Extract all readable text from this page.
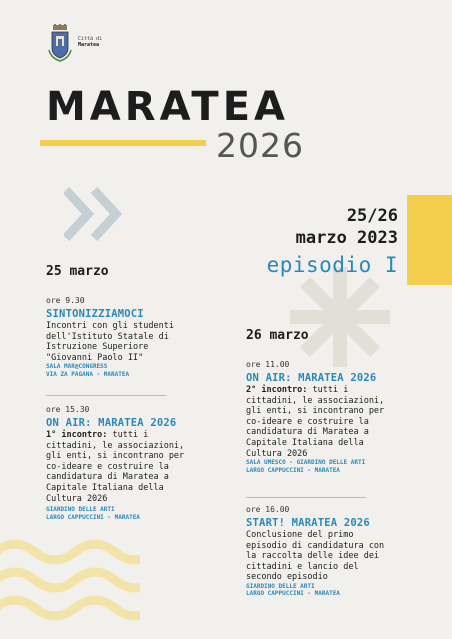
Città di
Maratea
MARATEA
2026
25/26
marzo 2023
episodio I
25 marzo
ore 9.30
SINTONIZZIAMOCI
Incontri con gli studenti
dell'Istituto Statale di
Istruzione Superiore
"Giovanni Paolo II"
SALA MAR@CONGRESS
VIA ZA PAGANA - MARATEA
ore 15.30
ON AIR: MARATEA 2026
1° incontro: tutti i
cittadini, le associazioni,
gli enti, si incontrano per
co-ideare e costruire la
candidatura di Maratea a
Capitale Italiana della
Cultura 2026
GIARDINO DELLE ARTI
LARGO CAPPUCCINI - MARATEA
26 marzo
ore 11.00
ON AIR: MARATEA 2026
2° incontro: tutti i
cittadini, le associazioni,
gli enti, si incontrano per
co-ideare e costruire la
candidatura di Maratea a
Capitale Italiana della
Cultura 2026
SALA UMESCO - GIARDINO DELLE ARTI
LARGO CAPPUCCINI - MARATEA
ore 16.00
START! MARATEA 2026
Conclusione del primo
episodio di candidatura con
la raccolta delle idee dei
cittadini e lancio del
secondo episodio
GIARDINO DELLE ARTI
LARGO CAPPUCCINI - MARATEA
